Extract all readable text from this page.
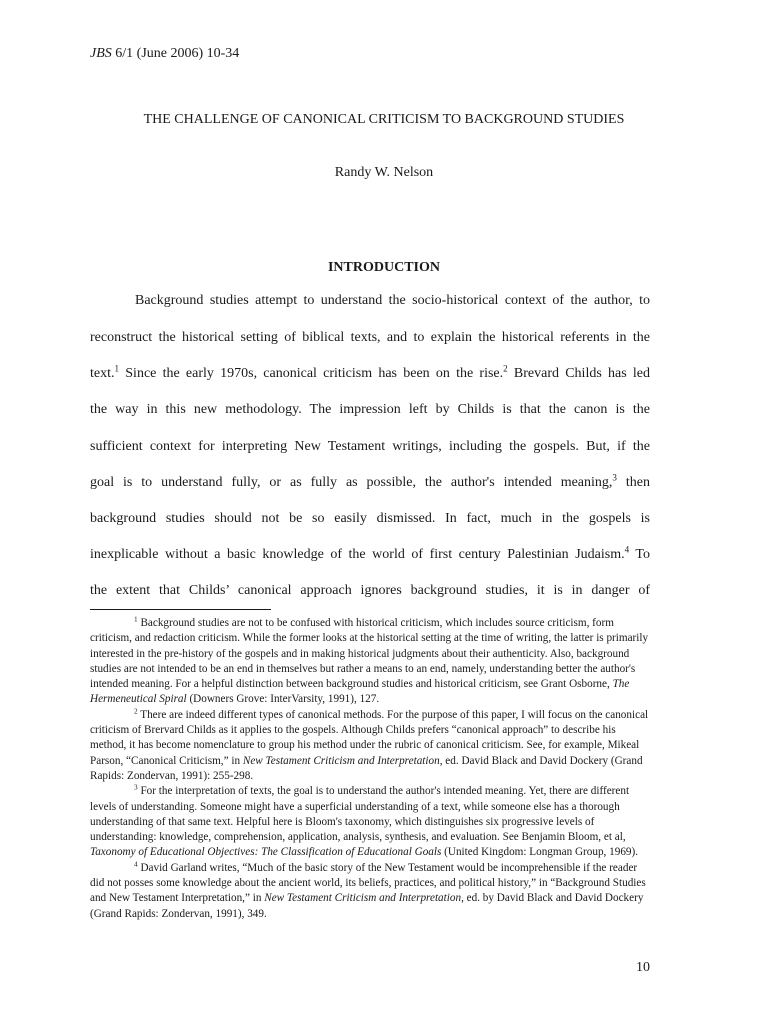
JBS 6/1 (June 2006) 10-34
THE CHALLENGE OF CANONICAL CRITICISM TO BACKGROUND STUDIES
Randy W. Nelson
INTRODUCTION
Background studies attempt to understand the socio-historical context of the author, to
reconstruct the historical setting of biblical texts, and to explain the historical referents in the
text.$^1$ Since the early 1970s, canonical criticism has been on the rise.$^2$ Brevard Childs has led
the way in this new methodology. The impression left by Childs is that the canon is the
sufficient context for interpreting New Testament writings, including the gospels. But, if the
goal is to understand fully, or as fully as possible, the author's intended meaning,$^3$ then
background studies should not be so easily dismissed. In fact, much in the gospels is
inexplicable without a basic knowledge of the world of first century Palestinian Judaism.$^4$ To
the extent that Childs’ canonical approach ignores background studies, it is in danger of

$^1$ Background studies are not to be confused with historical criticism, which includes source criticism, form criticism, and redaction criticism. While the former looks at the historical setting at the time of writing, the latter is primarily interested in the pre-history of the gospels and in making historical judgments about their authenticity. Also, background studies are not intended to be an end in themselves but rather a means to an end, namely, understanding better the author's intended meaning. For a helpful distinction between background studies and historical criticism, see Grant Osborne, The Hermeneutical Spiral (Downers Grove: InterVarsity, 1991), 127.

$^2$ There are indeed different types of canonical methods. For the purpose of this paper, I will focus on the canonical criticism of Brervard Childs as it applies to the gospels. Although Childs prefers “canonical approach” to describe his method, it has become nomenclature to group his method under the rubric of canonical criticism. See, for example, Mikeal Parson, “Canonical Criticism,” in New Testament Criticism and Interpretation, ed. David Black and David Dockery (Grand Rapids: Zondervan, 1991): 255-298.

$^3$ For the interpretation of texts, the goal is to understand the author's intended meaning. Yet, there are different levels of understanding. Someone might have a superficial understanding of a text, while someone else has a thorough understanding of that same text. Helpful here is Bloom's taxonomy, which distinguishes six progressive levels of understanding: knowledge, comprehension, application, analysis, synthesis, and evaluation. See Benjamin Bloom, et al, Taxonomy of Educational Objectives: The Classification of Educational Goals (United Kingdom: Longman Group, 1969).

$^4$ David Garland writes, “Much of the basic story of the New Testament would be incomprehensible if the reader did not posses some knowledge about the ancient world, its beliefs, practices, and political history,” in “Background Studies and New Testament Interpretation,” in New Testament Criticism and Interpretation, ed. by David Black and David Dockery (Grand Rapids: Zondervan, 1991), 349.

10
